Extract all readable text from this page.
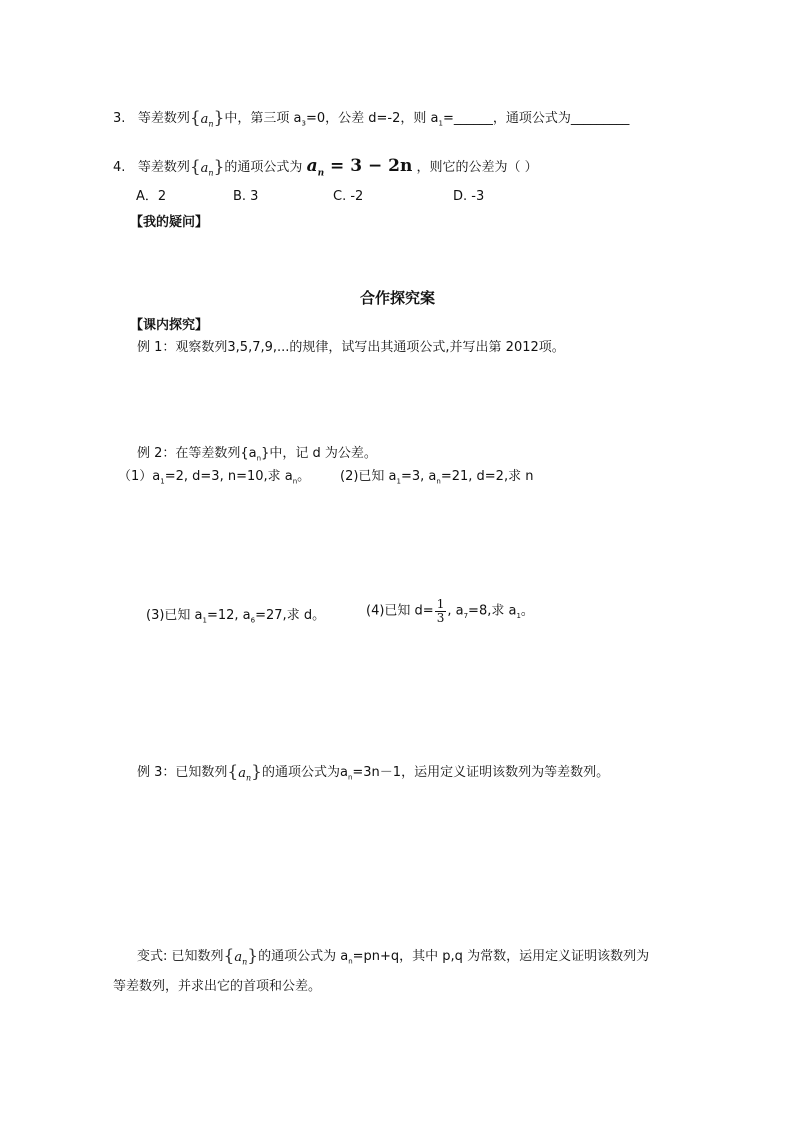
3. 等差数列$\{a_n\}$中，第三项 $a_3=0$，公差 d=-2，则 $a_1=\_\_\_\_\_\_$，通项公式为_________
4. 等差数列$\{a_n\}$的通项公式为 $a_n = 3 - 2n$ ，则它的公差为（ ）
A．2	B. 3	C. -2	D. -3
【我的疑问】
合作探究案
【课内探究】
例 1：观察数列3,5,7,9,...的规律，试写出其通项公式,并写出第 2012项。
例 2：在等差数列$\{a_n\}$中，记 d 为公差。
$(1)a_1=2$, d=3, n=10,求 $a_n$。 (2)已知 $a_1=3$, $a_n=21$, d=2,求 n
(3)已知 $a_1=12$, $a_6=27$,求 d。	(4)已知 $d= \frac{1}{3}$ , $a_7=8$,求 $a_1$。
例 3：已知数列$\{a_n\}$的通项公式为$a_n=3n-1$，运用定义证明该数列为等差数列。
变式: 已知数列$\{a_n\}$的通项公式为 $a_n=pn+q$，其中 p,q 为常数，运用定义证明该数列为
等差数列，并求出它的首项和公差。
